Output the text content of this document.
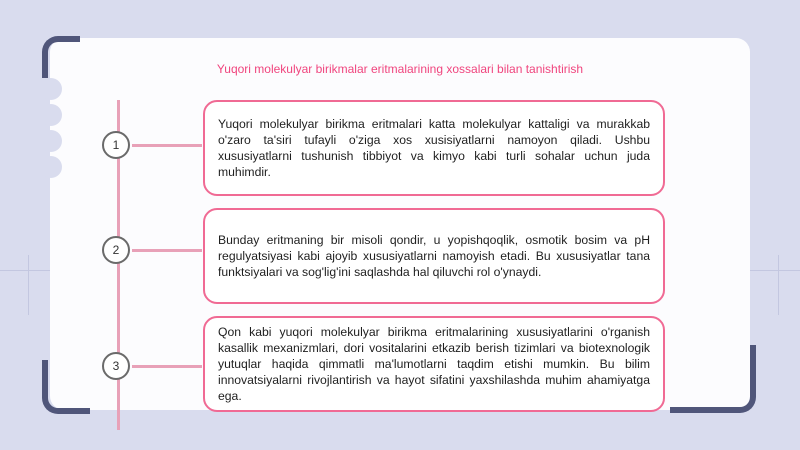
Yuqori molekulyar birikmalar eritmalarining xossalari bilan tanishtirish
1

Yuqori molekulyar birikma eritmalari katta molekulyar kattaligi va murakkab o'zaro ta'siri tufayli o'ziga xos xusisiyatlarni namoyon qiladi. Ushbu xususiyatlarni tushunish tibbiyot va kimyo kabi turli sohalar uchun juda muhimdir.

2

Bunday eritmaning bir misoli qondir, u yopishqoqlik, osmotik bosim va pH regulyatsiyasi kabi ajoyib xususiyatlarni namoyish etadi. Bu xususiyatlar tana funktsiyalari va sog'lig'ini saqlashda hal qiluvchi rol o'ynaydi.

3

Qon kabi yuqori molekulyar birikma eritmalarining xususiyatlarini o'rganish kasallik mexanizmlari, dori vositalarini etkazib berish tizimlari va biotexnologik yutuqlar haqida qimmatli ma'lumotlarni taqdim etishi mumkin. Bu bilim innovatsiyalarni rivojlantirish va hayot sifatini yaxshilashda muhim ahamiyatga ega.
